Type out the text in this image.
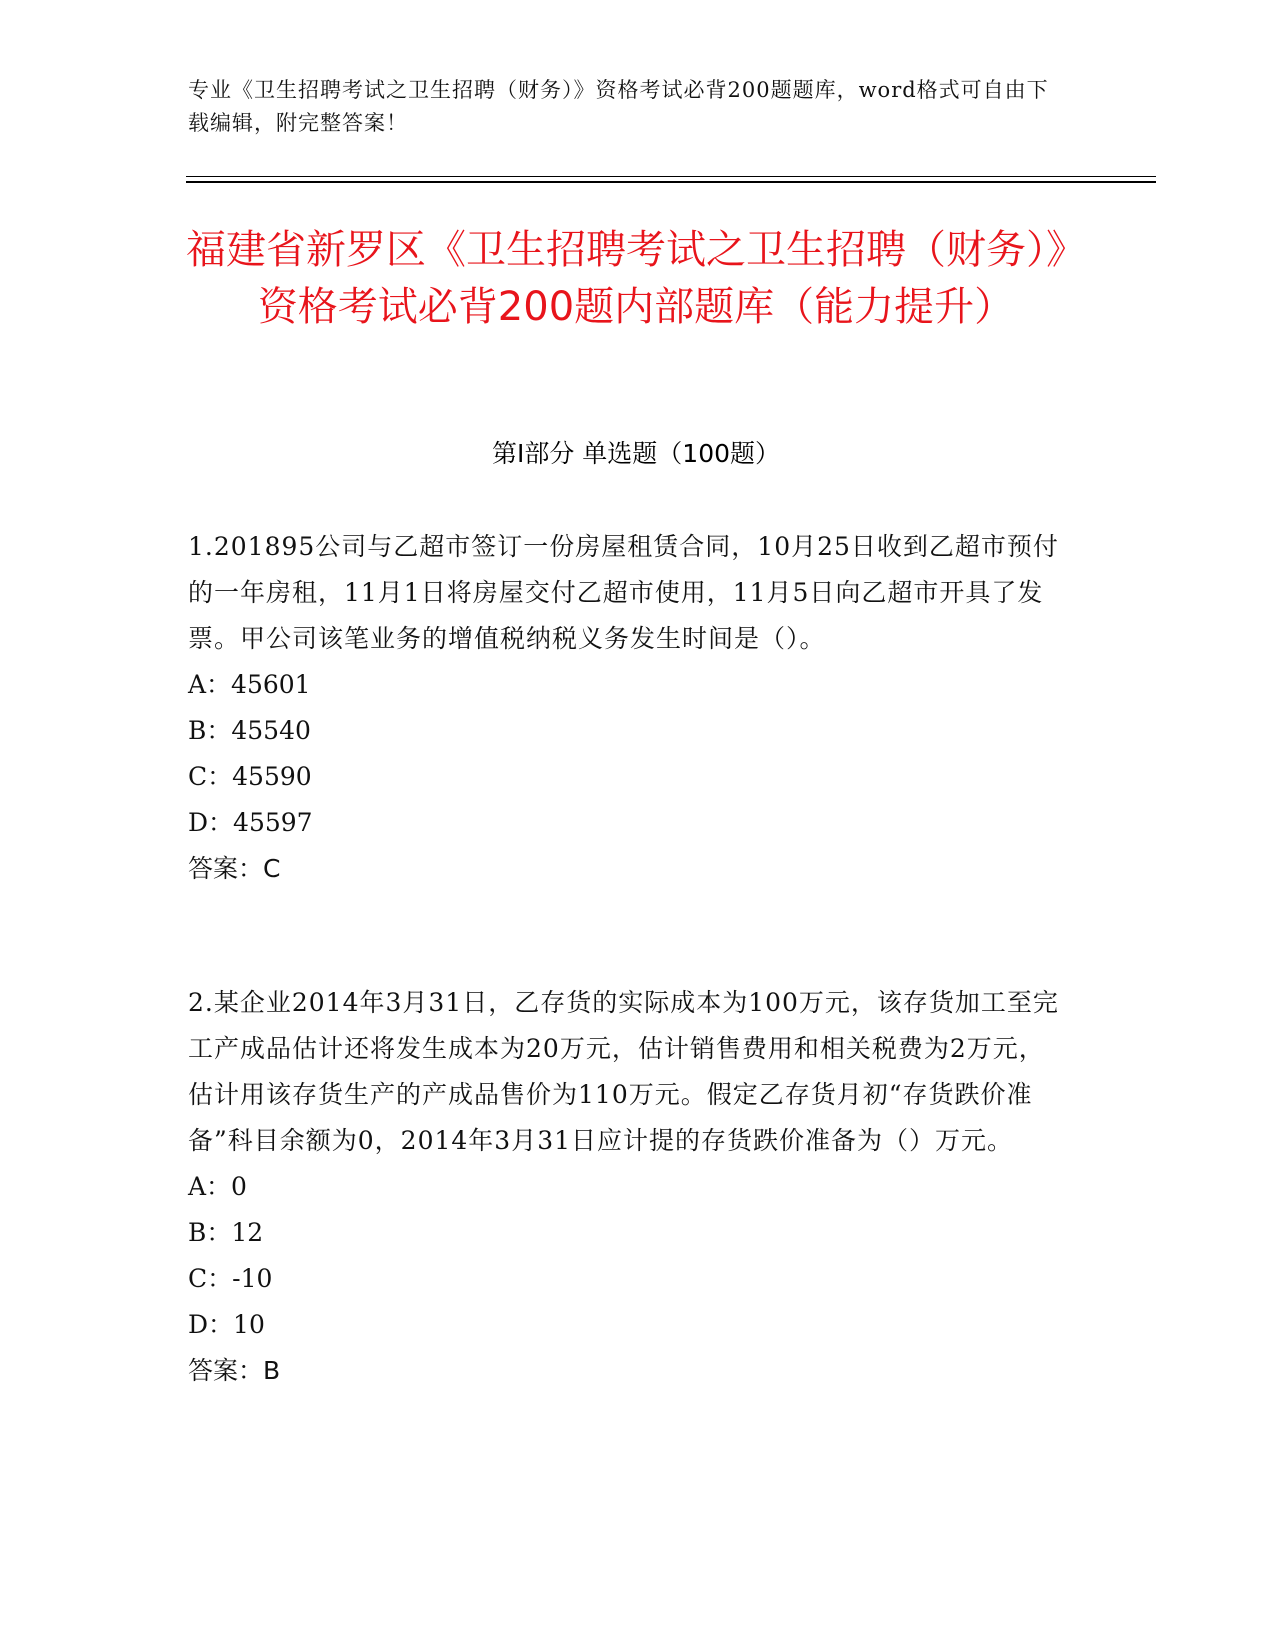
专业《卫生招聘考试之卫生招聘（财务）》资格考试必背200题题库，word格式可自由下载编辑，附完整答案！
福建省新罗区《卫生招聘考试之卫生招聘（财务）》资格考试必背200题内部题库（能力提升）
第Ⅰ部分 单选题（100题）
1.201895公司与乙超市签订一份房屋租赁合同，10月25日收到乙超市预付的一年房租，11月1日将房屋交付乙超市使用，11月5日向乙超市开具了发票。甲公司该笔业务的增值税纳税义务发生时间是（）。
A：45601
B：45540
C：45590
D：45597
答案：C
2.某企业2014年3月31日，乙存货的实际成本为100万元，该存货加工至完工产成品估计还将发生成本为20万元，估计销售费用和相关税费为2万元，估计用该存货生产的产成品售价为110万元。假定乙存货月初“存货跌价准备”科目余额为0，2014年3月31日应计提的存货跌价准备为（）万元。
A：0
B：12
C：-10
D：10
答案：B
